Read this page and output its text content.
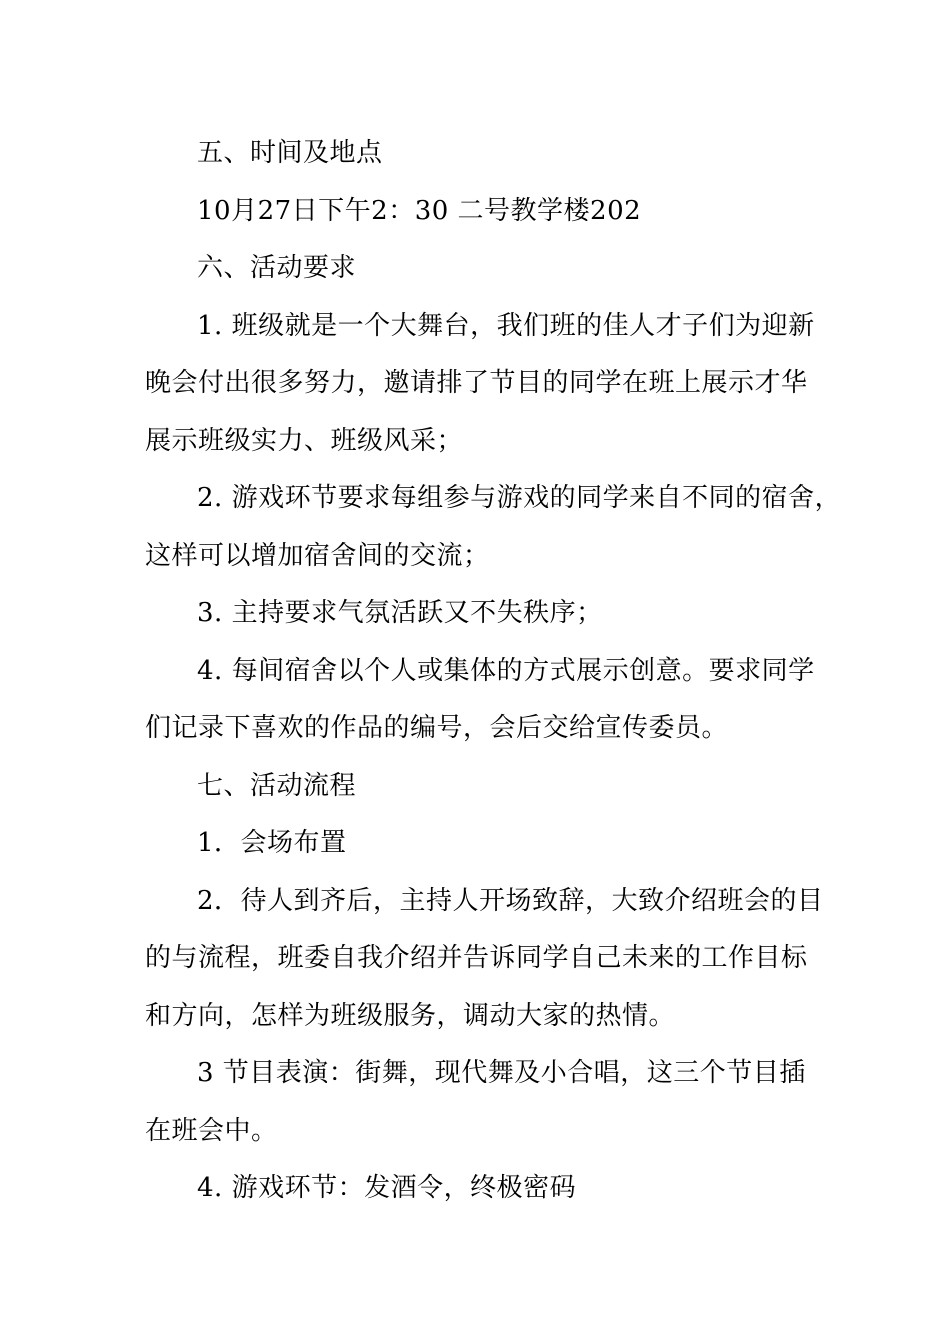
五、时间及地点
10月27日下午2：30 二号教学楼202
六、活动要求
1. 班级就是一个大舞台，我们班的佳人才子们为迎新
晚会付出很多努力，邀请排了节目的同学在班上展示才华
展示班级实力、班级风采；
2. 游戏环节要求每组参与游戏的同学来自不同的宿舍，
这样可以增加宿舍间的交流；
3. 主持要求气氛活跃又不失秩序；
4. 每间宿舍以个人或集体的方式展示创意。要求同学
们记录下喜欢的作品的编号，会后交给宣传委员。
七、活动流程
1．会场布置
2．待人到齐后，主持人开场致辞，大致介绍班会的目
的与流程，班委自我介绍并告诉同学自己未来的工作目标
和方向，怎样为班级服务，调动大家的热情。
3 节目表演：街舞，现代舞及小合唱，这三个节目插
在班会中。
4. 游戏环节：发酒令，终极密码
